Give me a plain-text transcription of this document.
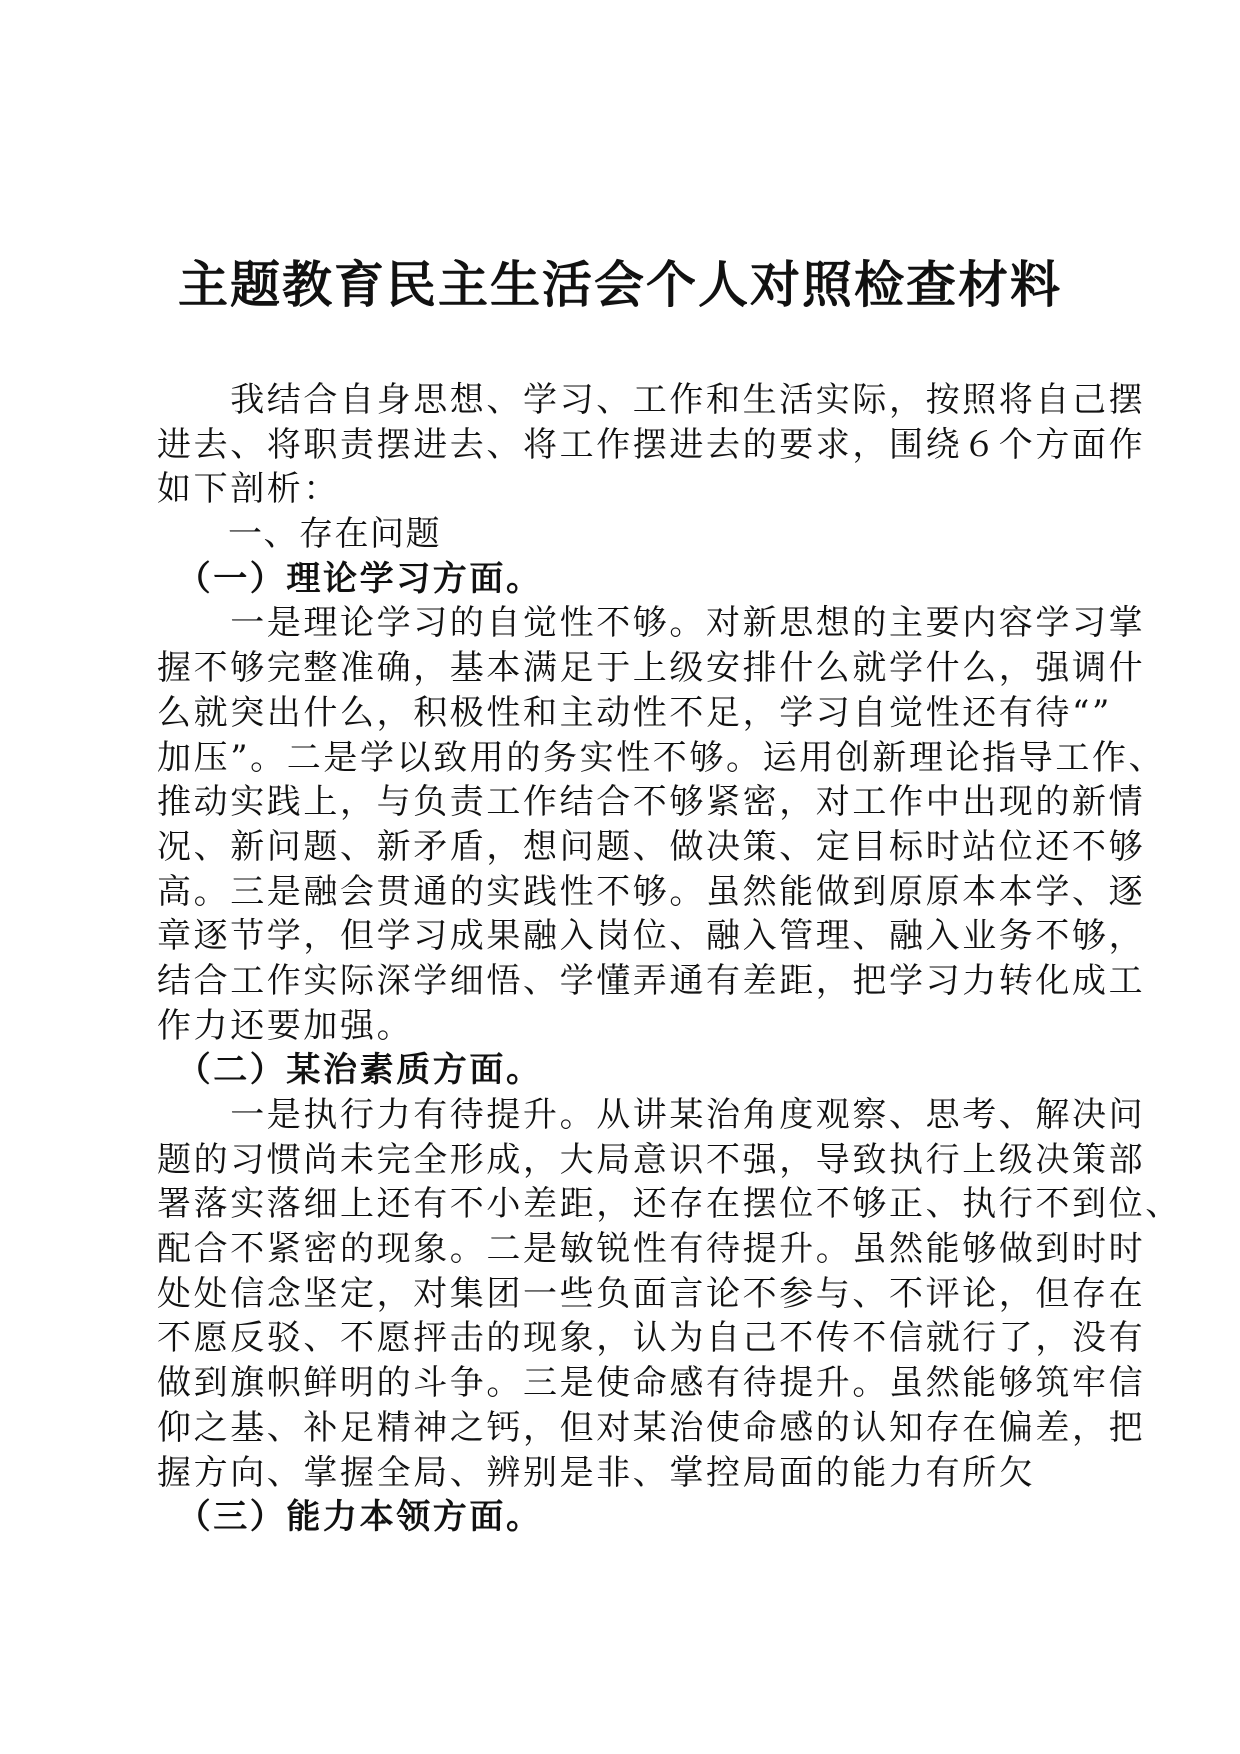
主题教育民主生活会个人对照检查材料
　　我结合自身思想、学习、工作和生活实际，按照将自己摆
进去、将职责摆进去、将工作摆进去的要求，围绕６个方面作
如下剖析：
　　一、存在问题
　（一）理论学习方面。
　　一是理论学习的自觉性不够。对新思想的主要内容学习掌
握不够完整准确，基本满足于上级安排什么就学什么，强调什
么就突出什么，积极性和主动性不足，学习自觉性还有待“”
加压”。二是学以致用的务实性不够。运用创新理论指导工作、
推动实践上，与负责工作结合不够紧密，对工作中出现的新情
况、新问题、新矛盾，想问题、做决策、定目标时站位还不够
高。三是融会贯通的实践性不够。虽然能做到原原本本学、逐
章逐节学，但学习成果融入岗位、融入管理、融入业务不够，
结合工作实际深学细悟、学懂弄通有差距，把学习力转化成工
作力还要加强。
　（二）某治素质方面。
　　一是执行力有待提升。从讲某治角度观察、思考、解决问
题的习惯尚未完全形成，大局意识不强，导致执行上级决策部
署落实落细上还有不小差距，还存在摆位不够正、执行不到位、
配合不紧密的现象。二是敏锐性有待提升。虽然能够做到时时
处处信念坚定，对集团一些负面言论不参与、不评论，但存在
不愿反驳、不愿抨击的现象，认为自己不传不信就行了，没有
做到旗帜鲜明的斗争。三是使命感有待提升。虽然能够筑牢信
仰之基、补足精神之钙，但对某治使命感的认知存在偏差，把
握方向、掌握全局、辨别是非、掌控局面的能力有所欠
　（三）能力本领方面。
